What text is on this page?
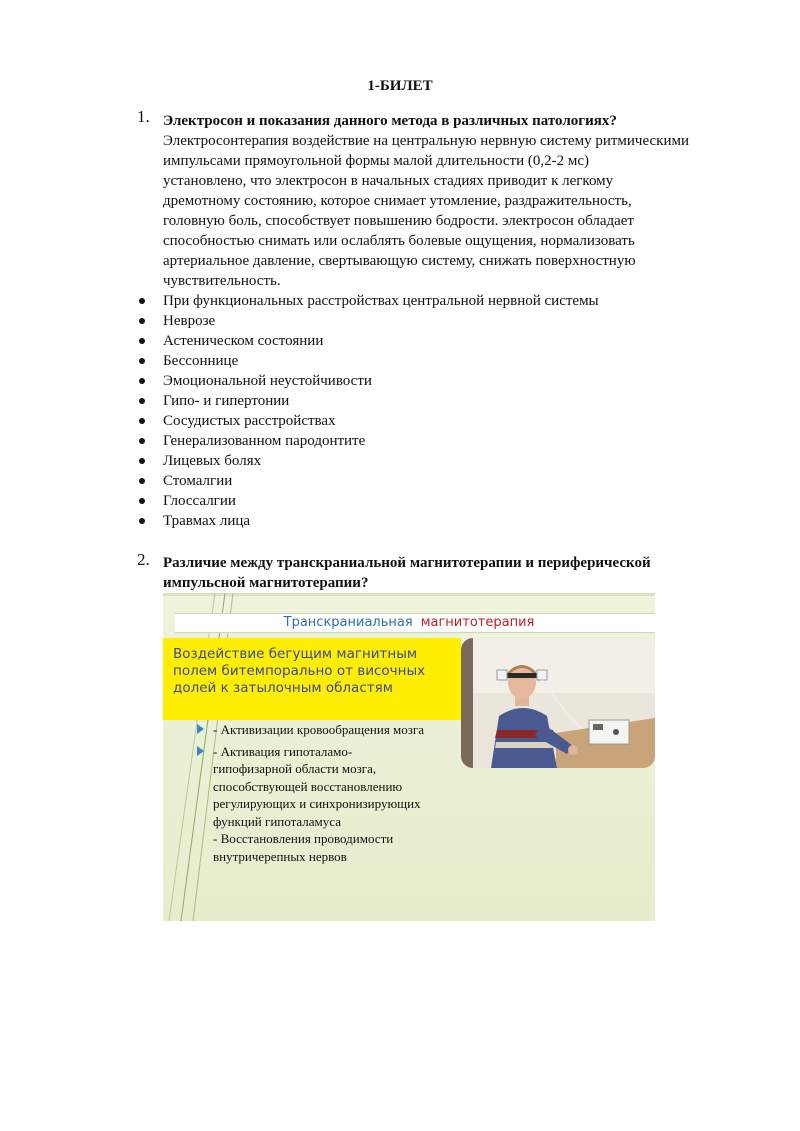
1-БИЛЕТ
1. Электросон и показания данного метода в различных патологиях?
Электросонтерапия воздействие на центральную нервную систему ритмическими
импульсами прямоугольной формы малой длительности (0,2-2 мс)
установлено, что электросон в начальных стадиях приводит к легкому
дремотному состоянию, которое снимает утомление, раздражительность,
головную боль, способствует повышению бодрости. электросон обладает
способностью снимать или ослаблять болевые ощущения, нормализовать
артериальное давление, свертывающую систему, снижать поверхностную
чувствительность.
При функциональных расстройствах центральной нервной системы
Неврозе
Астеническом состоянии
Бессоннице
Эмоциональной неустойчивости
Гипо- и гипертонии
Сосудистых расстройствах
Генерализованном пародонтите
Лицевых болях
Стомалгии
Глоссалгии
Травмах лица
2. Различие между транскраниальной магнитотерапии и периферической
импульсной магнитотерапии?
Транскраниальная магнитотерапия
Воздействие бегущим магнитным
полем битемпорально от височных
долей к затылочным областям
- Активизации кровообращения мозга
- Активация гипоталамо-
гипофизарной области мозга,
способствующей восстановлению
регулирующих и синхронизирующих
функций гипоталамуса
- Восстановления проводимости
внутричерепных нервов
